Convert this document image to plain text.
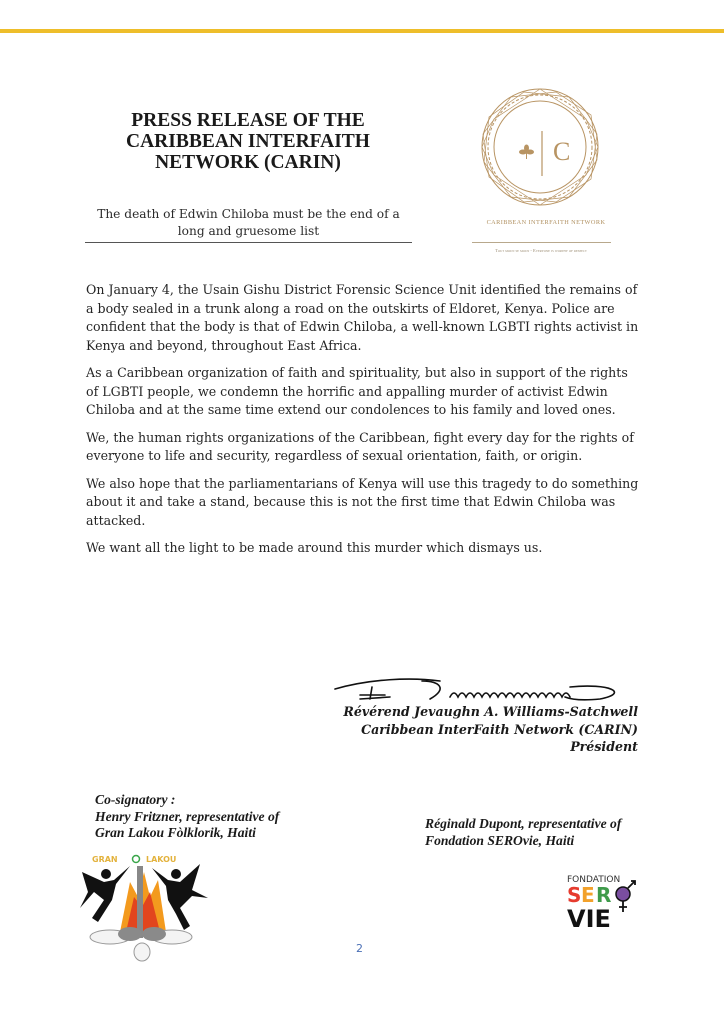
PRESS RELEASE OF THE
CARIBBEAN INTERFAITH
NETWORK (CARIN)
The death of Edwin Chiloba must be the end of a
long and gruesome list
C
CARIBBEAN INTERFAITH NETWORK
Tout moun se moun - Everyone is worthy of respect

On January 4, the Usain Gishu District Forensic Science Unit identified the remains of a body sealed in a trunk along a road on the outskirts of Eldoret, Kenya. Police are confident that the body is that of Edwin Chiloba, a well-known LGBTI rights activist in Kenya and beyond, throughout East Africa.

As a Caribbean organization of faith and spirituality, but also in support of the rights of LGBTI people, we condemn the horrific and appalling murder of activist Edwin Chiloba and at the same time extend our condolences to his family and loved ones.

We, the human rights organizations of the Caribbean, fight every day for the rights of everyone to life and security, regardless of sexual orientation, faith, or origin.

We also hope that the parliamentarians of Kenya will use this tragedy to do something about it and take a stand, because this is not the first time that Edwin Chiloba was attacked.

We want all the light to be made around this murder which dismays us.

Révérend Jevaughn A. Williams-Satchwell
Caribbean InterFaith Network (CARIN)
Président
Co-signatory :
Henry Fritzner, representative of
Gran Lakou Fòlklorik, Haiti
GRAN	LAKOU
Réginald Dupont, representative of
Fondation SEROvie, Haiti
FONDATION
S E R
VIE
2
